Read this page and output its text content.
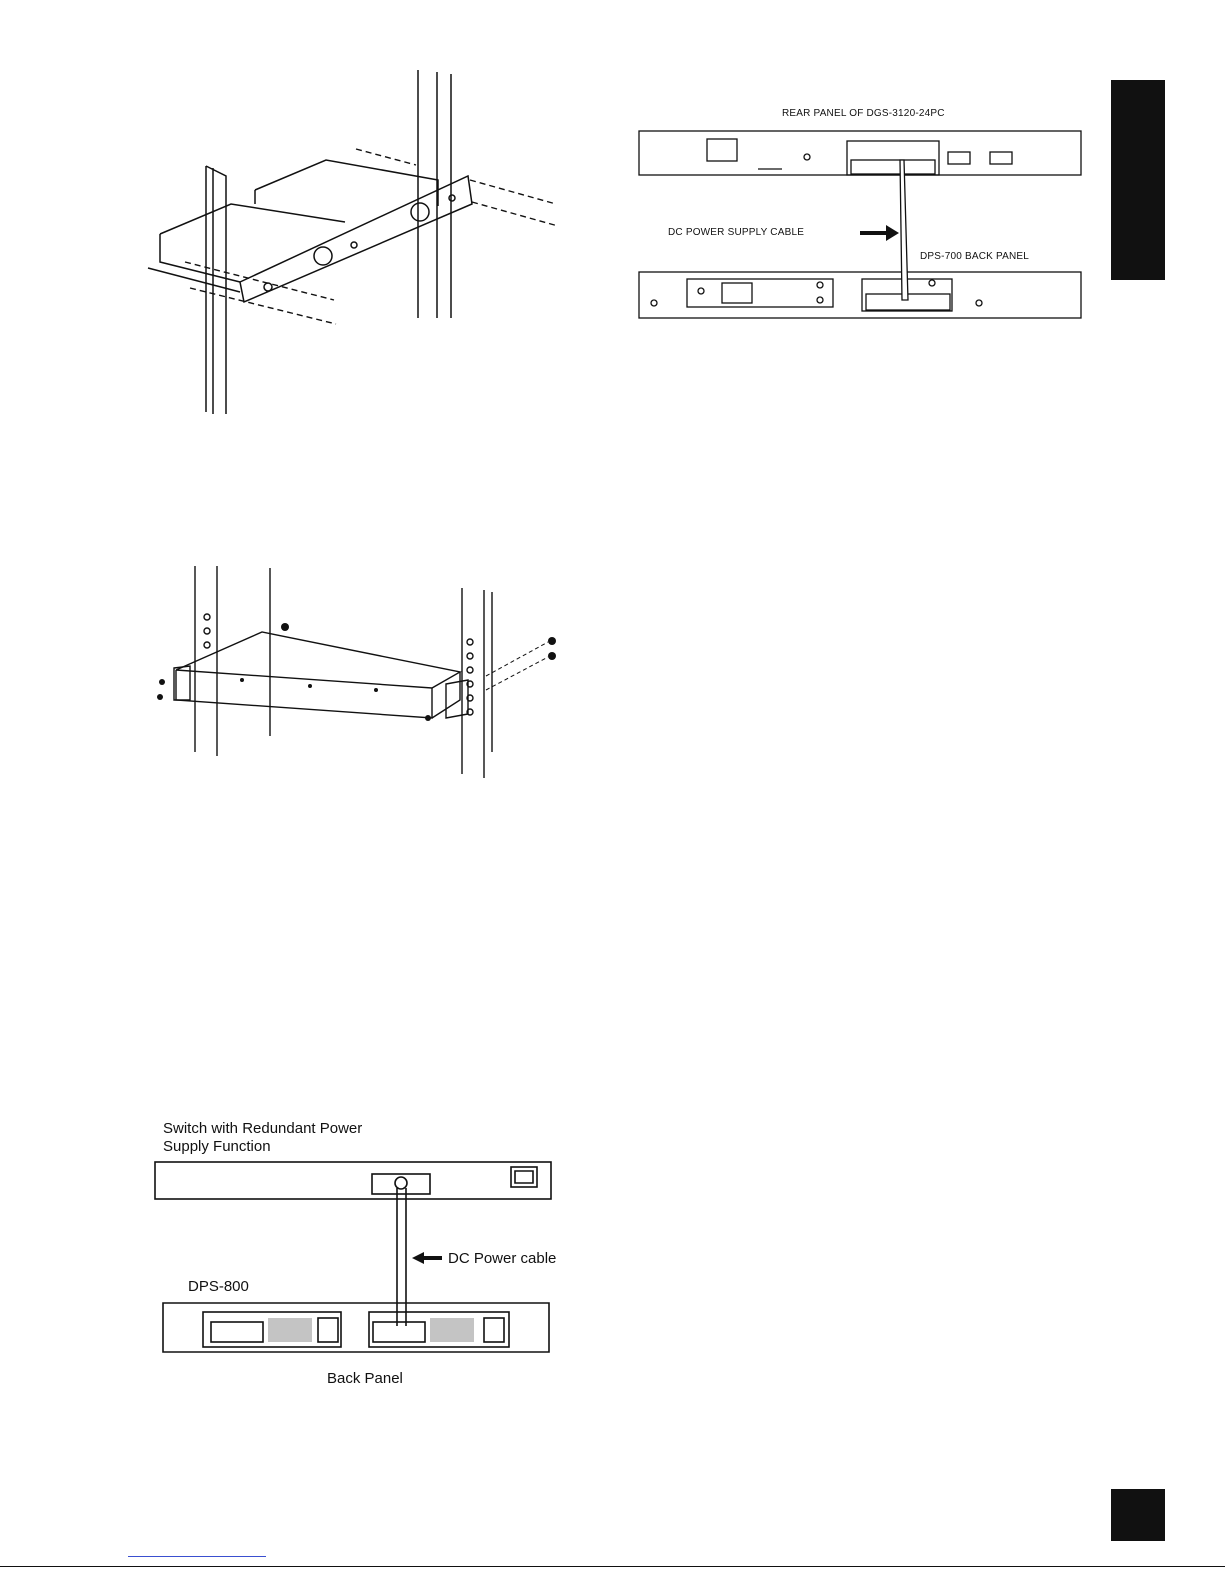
REAR PANEL OF DGS-3120-24PC
DC POWER SUPPLY CABLE
DPS-700 BACK PANEL
Switch with Redundant Power
Supply Function
DC Power cable
DPS-800
Back Panel
